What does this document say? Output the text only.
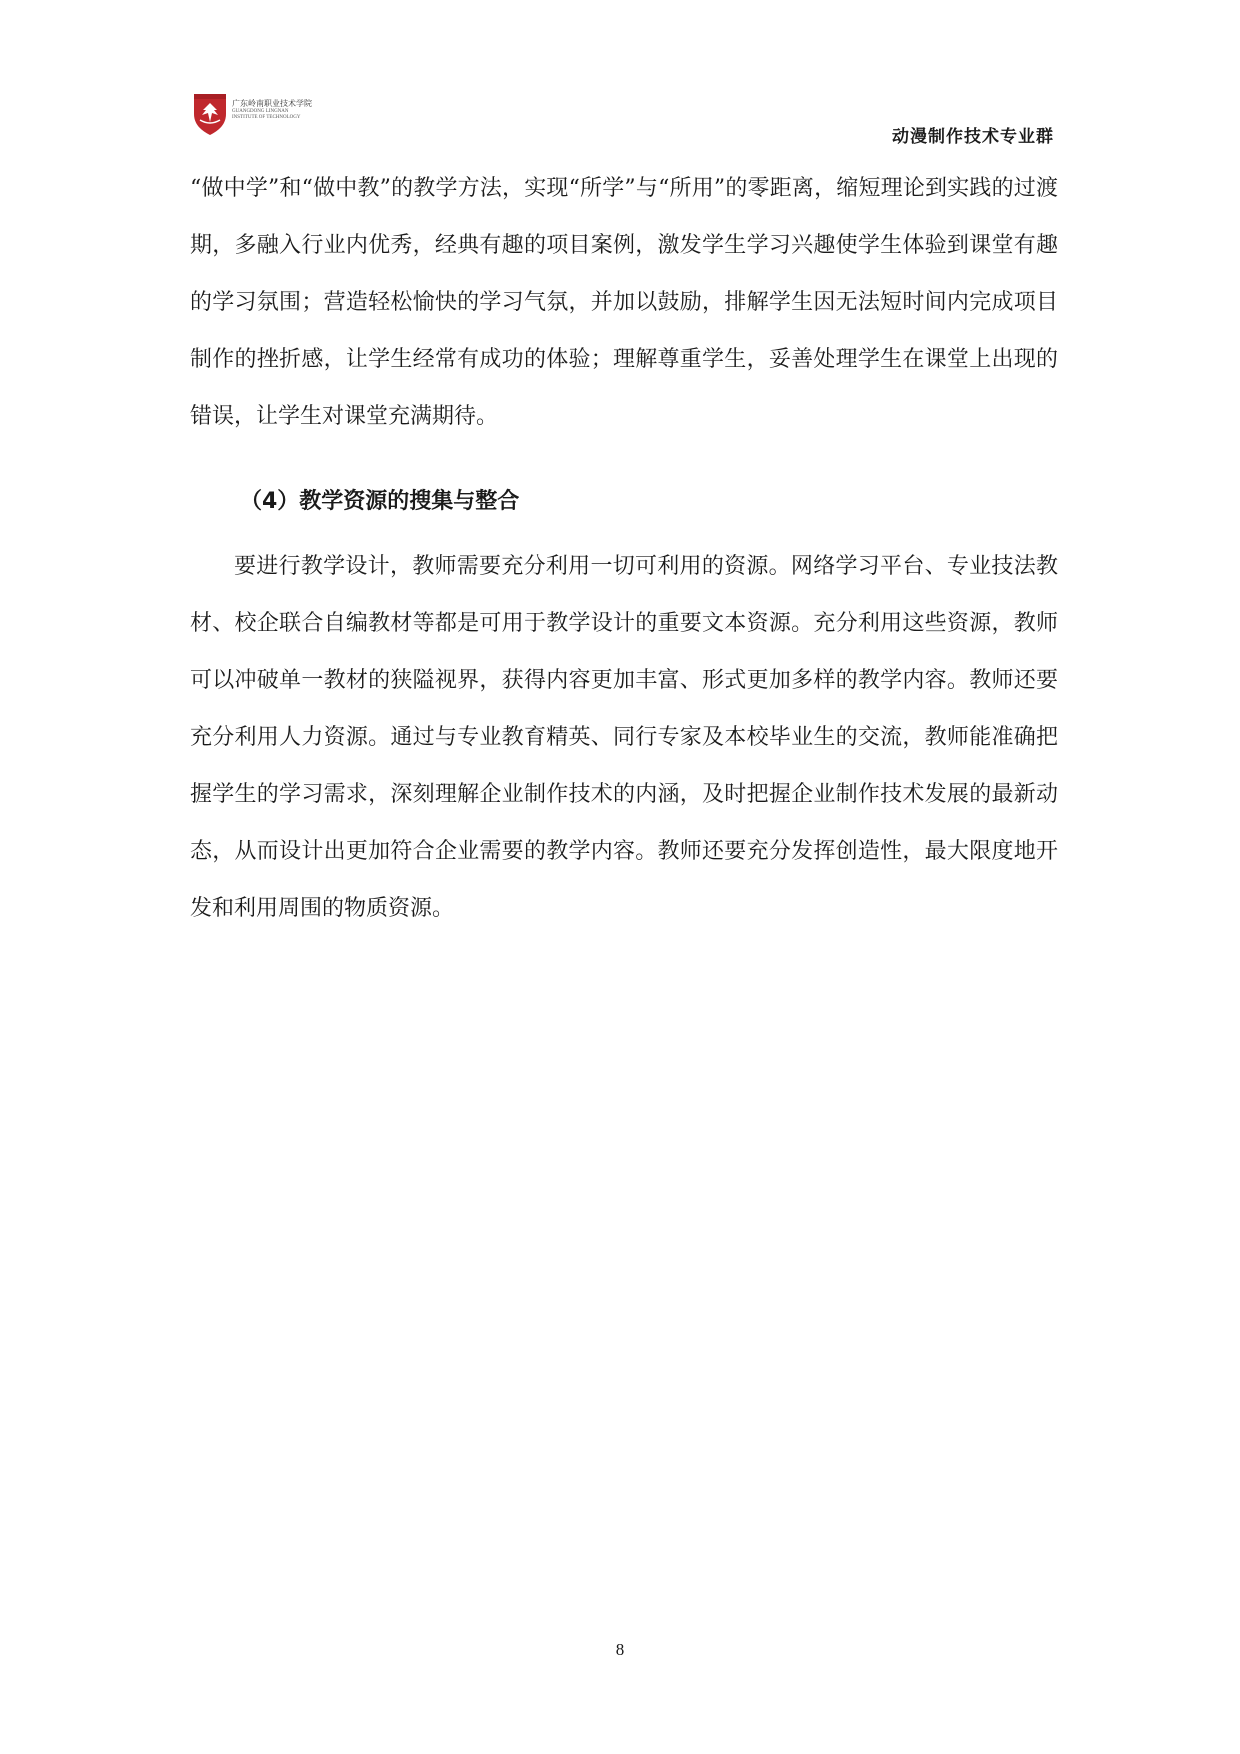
广东岭南职业技术学院
GUANGDONG LINGNAN INSTITUTE OF TECHNOLOGY
动漫制作技术专业群

“做中学”和“做中教”的教学方法，实现“所学”与“所用”的零距离，缩短理论到实践的过渡期，多融入行业内优秀，经典有趣的项目案例，激发学生学习兴趣使学生体验到课堂有趣的学习氛围；营造轻松愉快的学习气氛，并加以鼓励，排解学生因无法短时间内完成项目制作的挫折感，让学生经常有成功的体验；理解尊重学生，妥善处理学生在课堂上出现的错误，让学生对课堂充满期待。

（4）教学资源的搜集与整合

要进行教学设计，教师需要充分利用一切可利用的资源。网络学习平台、专业技法教材、校企联合自编教材等都是可用于教学设计的重要文本资源。充分利用这些资源，教师可以冲破单一教材的狭隘视界，获得内容更加丰富、形式更加多样的教学内容。教师还要充分利用人力资源。通过与专业教育精英、同行专家及本校毕业生的交流，教师能准确把握学生的学习需求，深刻理解企业制作技术的内涵，及时把握企业制作技术发展的最新动态，从而设计出更加符合企业需要的教学内容。教师还要充分发挥创造性，最大限度地开发和利用周围的物质资源。

8
